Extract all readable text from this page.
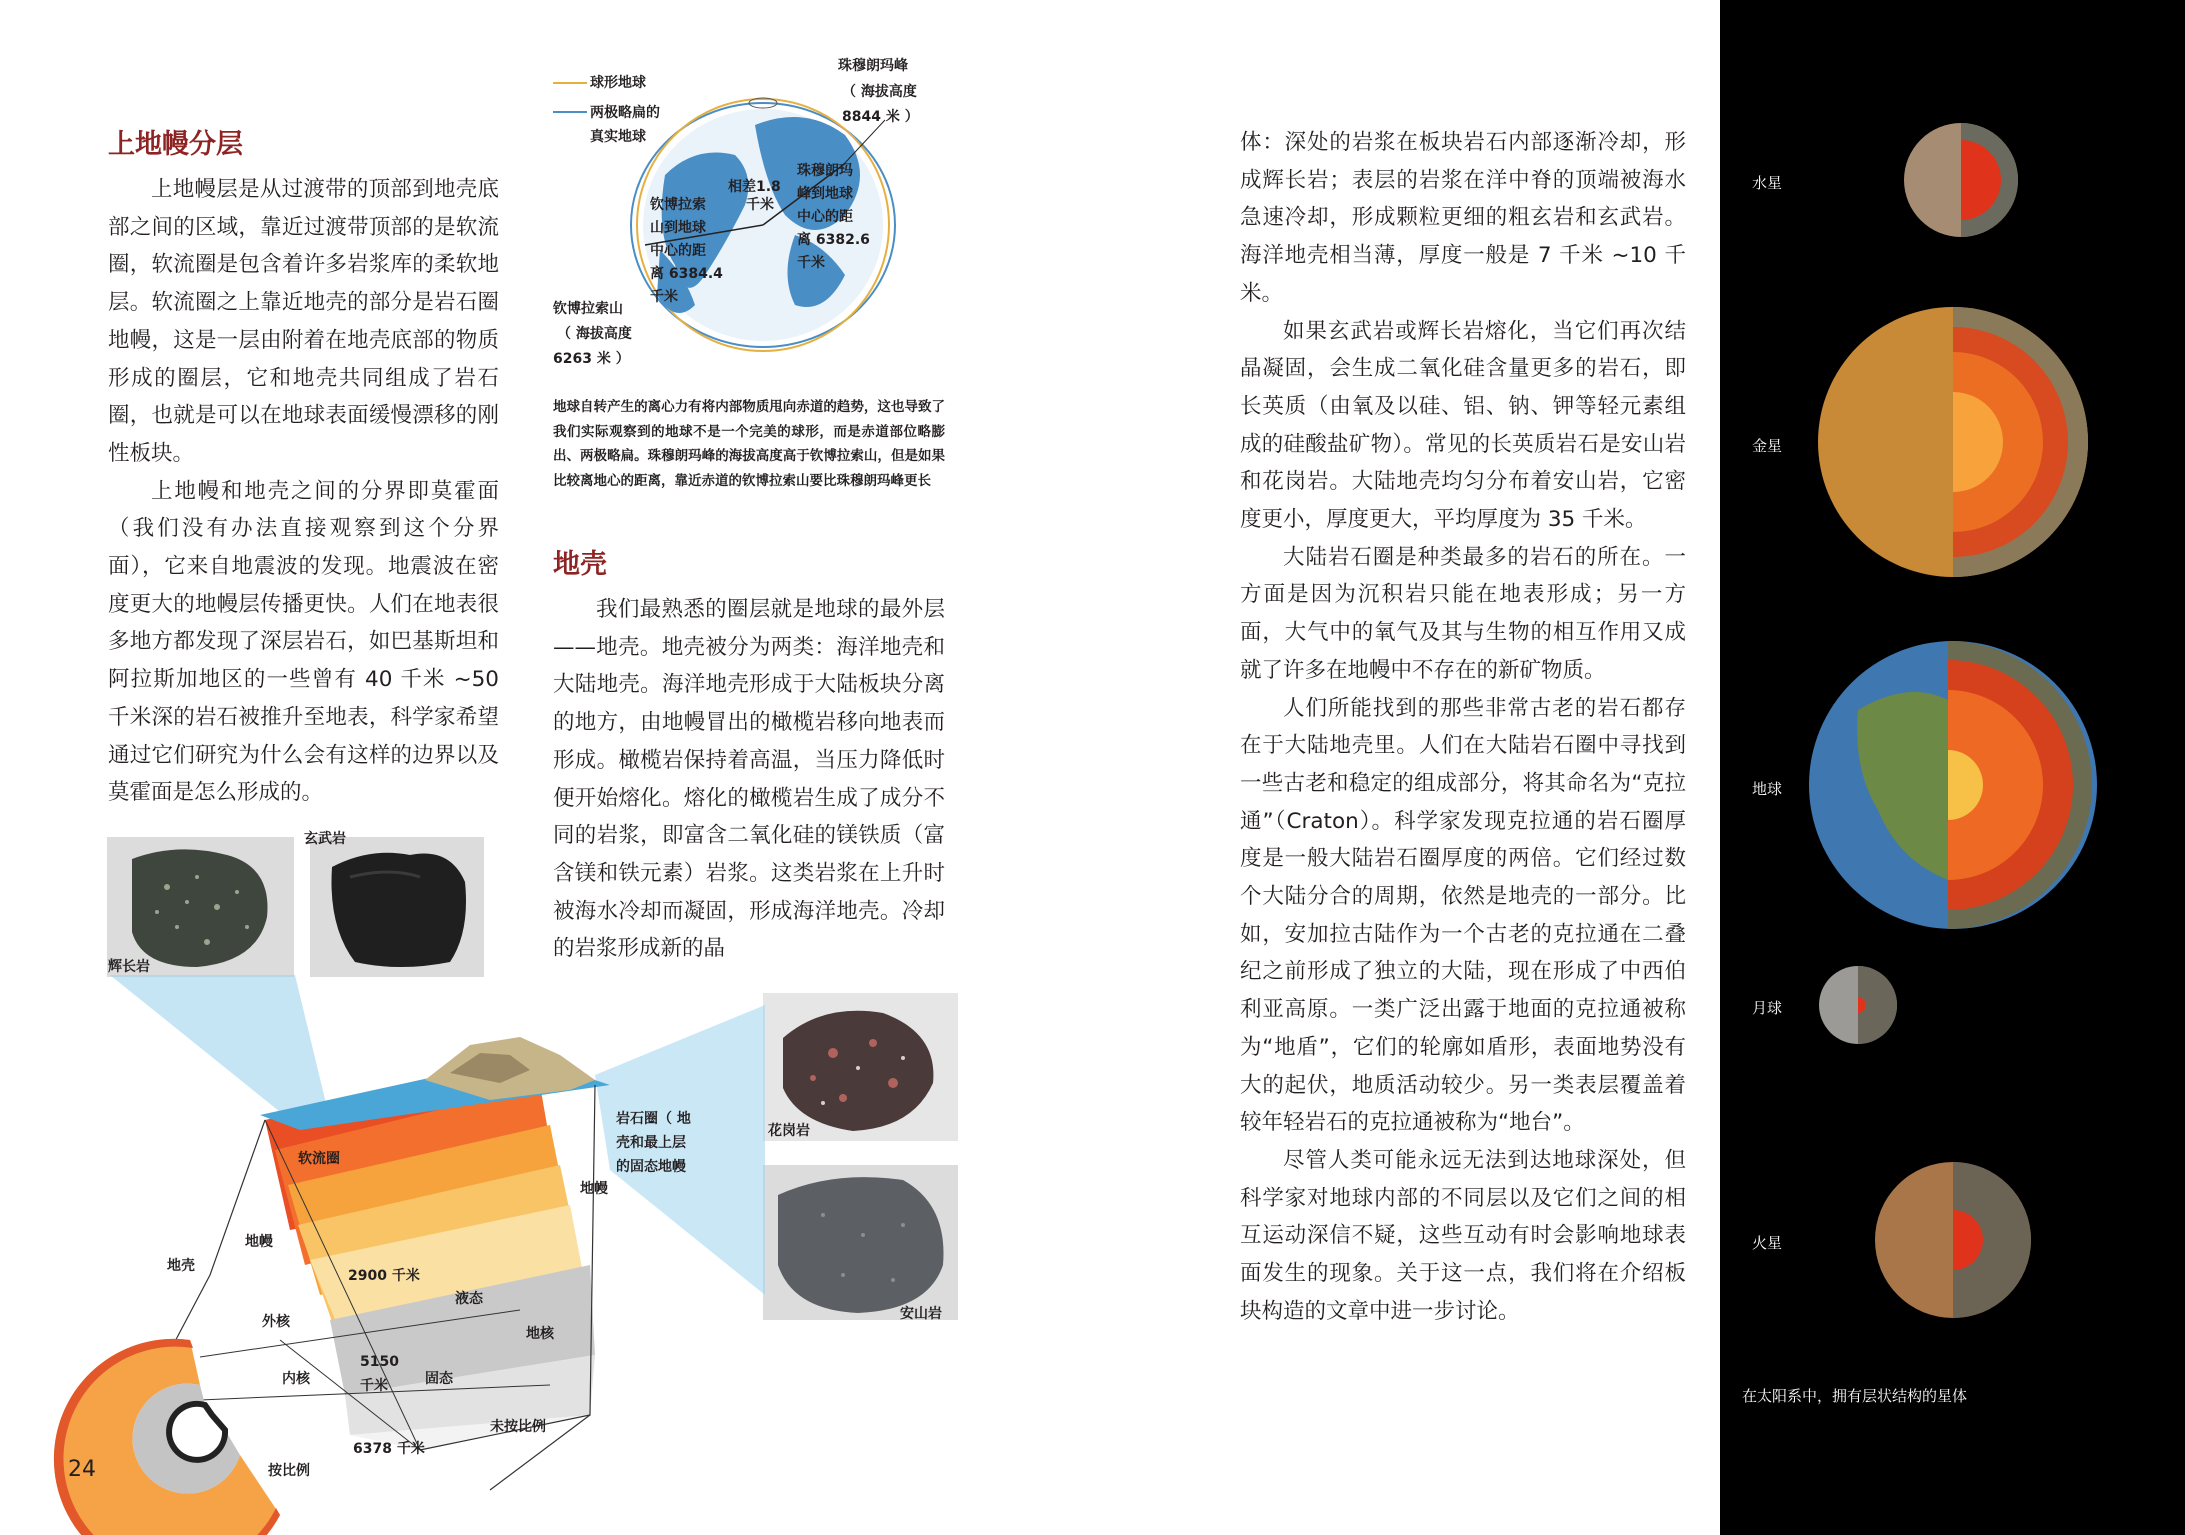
上地幔分层

上地幔层是从过渡带的顶部到地壳底部之间的区域，靠近过渡带顶部的是软流圈，软流圈是包含着许多岩浆库的柔软地层。软流圈之上靠近地壳的部分是岩石圈地幔，这是一层由附着在地壳底部的物质形成的圈层，它和地壳共同组成了岩石圈，也就是可以在地球表面缓慢漂移的刚性板块。

上地幔和地壳之间的分界即莫霍面（我们没有办法直接观察到这个分界面），它来自地震波的发现。地震波在密度更大的地幔层传播更快。人们在地表很多地方都发现了深层岩石，如巴基斯坦和阿拉斯加地区的一些曾有 40 千米 ~50 千米深的岩石被推升至地表，科学家希望通过它们研究为什么会有这样的边界以及莫霍面是怎么形成的。

球形地球
两极略扁的
真实地球
珠穆朗玛峰
（ 海拔高度
8844 米 ）
相差1.8
千米
珠穆朗玛
峰到地球
中心的距
离 6382.6
千米
钦博拉索
山到地球
中心的距
离 6384.4
千米
钦博拉索山
（ 海拔高度
6263 米 ）
地球自转产生的离心力有将内部物质甩向赤道的趋势，这也导致了我们实际观察到的地球不是一个完美的球形，而是赤道部位略膨出、两极略扁。珠穆朗玛峰的海拔高度高于钦博拉索山，但是如果比较离地心的距离，靠近赤道的钦博拉索山要比珠穆朗玛峰更长
地壳

我们最熟悉的圈层就是地球的最外层——地壳。地壳被分为两类：海洋地壳和大陆地壳。海洋地壳形成于大陆板块分离的地方，由地幔冒出的橄榄岩移向地表而形成。橄榄岩保持着高温，当压力降低时便开始熔化。熔化的橄榄岩生成了成分不同的岩浆，即富含二氧化硅的镁铁质（富含镁和铁元素）岩浆。这类岩浆在上升时被海水冷却而凝固，形成海洋地壳。冷却的岩浆形成新的晶

辉长岩
玄武岩
花岗岩
安山岩
岩石圈（ 地
壳和最上层
的固态地幔
地幔
软流圈
地幔
地壳
外核
2900 千米
液态
地核
内核
5150
千米	固态
6378 千米
未按比例
按比例
24

体：深处的岩浆在板块岩石内部逐渐冷却，形成辉长岩；表层的岩浆在洋中脊的顶端被海水急速冷却，形成颗粒更细的粗玄岩和玄武岩。海洋地壳相当薄，厚度一般是 7 千米 ~10 千米。

如果玄武岩或辉长岩熔化，当它们再次结晶凝固，会生成二氧化硅含量更多的岩石，即长英质（由氧及以硅、铝、钠、钾等轻元素组成的硅酸盐矿物）。常见的长英质岩石是安山岩和花岗岩。大陆地壳均匀分布着安山岩，它密度更小，厚度更大，平均厚度为 35 千米。

大陆岩石圈是种类最多的岩石的所在。一方面是因为沉积岩只能在地表形成；另一方面，大气中的氧气及其与生物的相互作用又成就了许多在地幔中不存在的新矿物质。

人们所能找到的那些非常古老的岩石都存在于大陆地壳里。人们在大陆岩石圈中寻找到一些古老和稳定的组成部分，将其命名为“克拉通”（Craton）。科学家发现克拉通的岩石圈厚度是一般大陆岩石圈厚度的两倍。它们经过数个大陆分合的周期，依然是地壳的一部分。比如，安加拉古陆作为一个古老的克拉通在二叠纪之前形成了独立的大陆，现在形成了中西伯利亚高原。一类广泛出露于地面的克拉通被称为“地盾”，它们的轮廓如盾形，表面地势没有大的起伏，地质活动较少。另一类表层覆盖着较年轻岩石的克拉通被称为“地台”。

尽管人类可能永远无法到达地球深处，但科学家对地球内部的不同层以及它们之间的相互运动深信不疑，这些互动有时会影响地球表面发生的现象。关于这一点，我们将在介绍板块构造的文章中进一步讨论。

水星
金星
地球
月球
火星
在太阳系中，拥有层状结构的星体
